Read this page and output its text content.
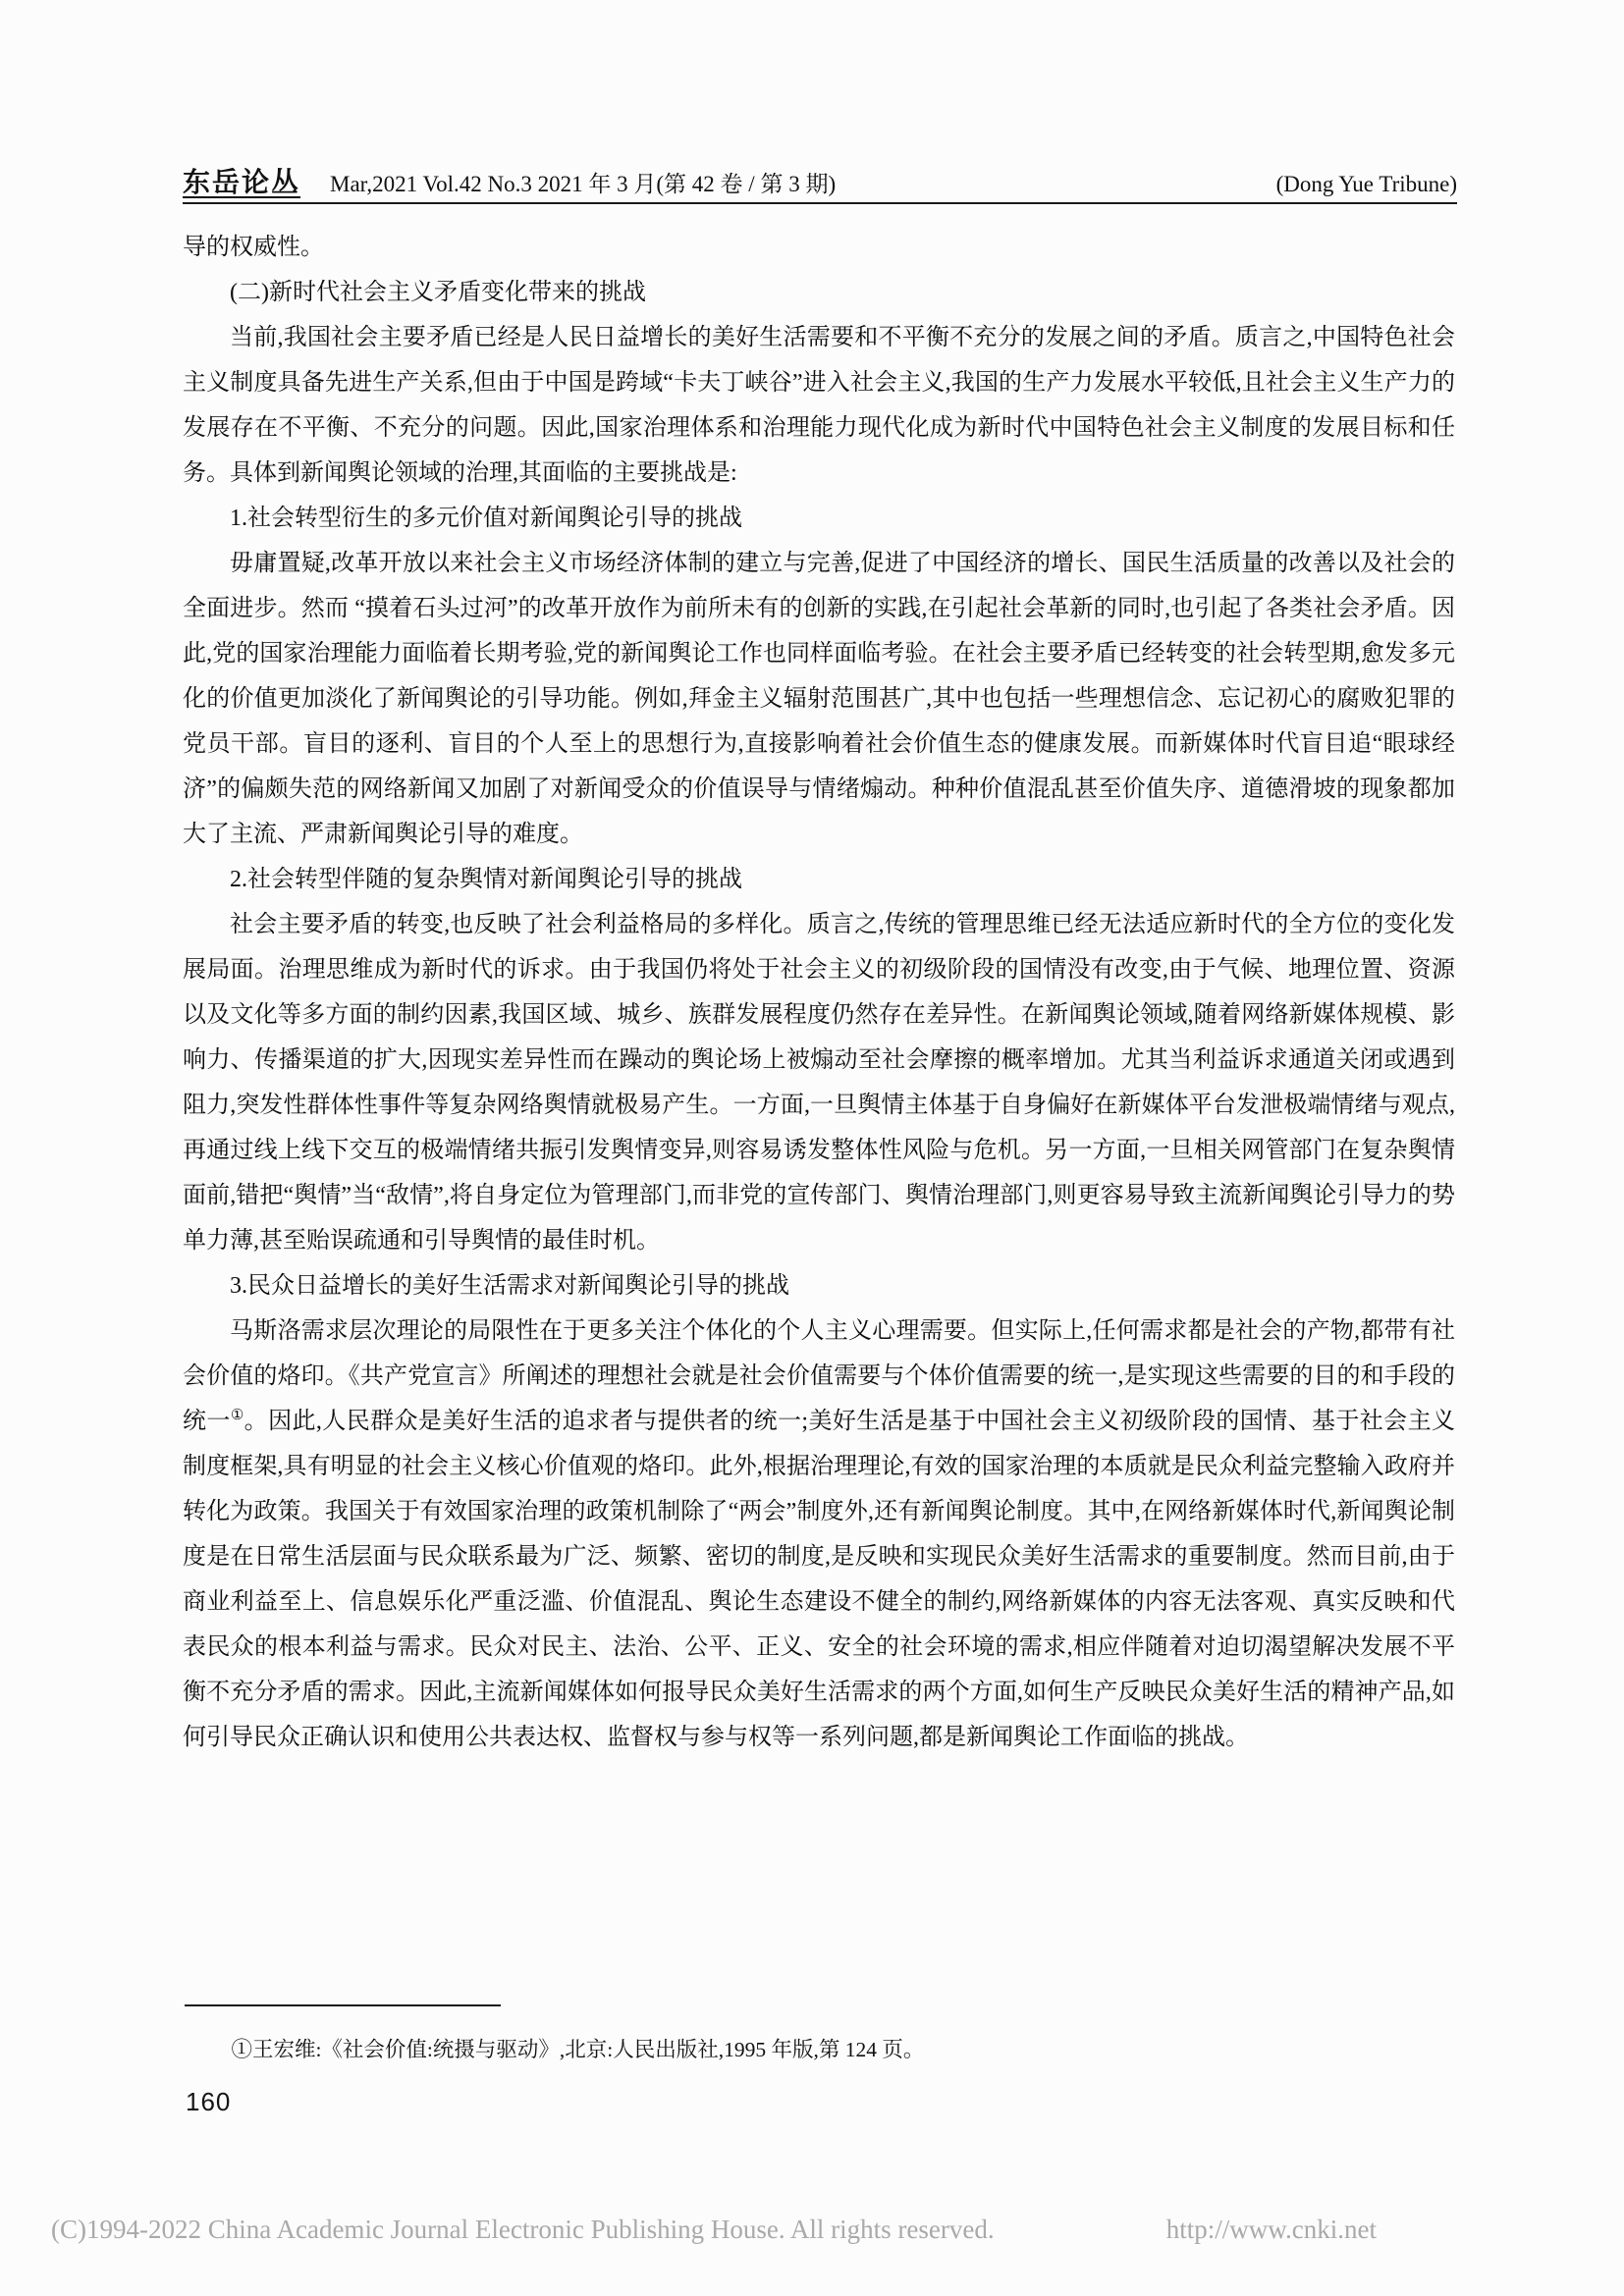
东岳论丛 Mar,2021 Vol.42 No.3 2021 年 3 月(第 42 卷 / 第 3 期)	(Dong Yue Tribune)

导的权威性。

(二)新时代社会主义矛盾变化带来的挑战

当前,我国社会主要矛盾已经是人民日益增长的美好生活需要和不平衡不充分的发展之间的矛盾。质言之,中国特色社会主义制度具备先进生产关系,但由于中国是跨域“卡夫丁峡谷”进入社会主义,我国的生产力发展水平较低,且社会主义生产力的发展存在不平衡、不充分的问题。因此,国家治理体系和治理能力现代化成为新时代中国特色社会主义制度的发展目标和任务。具体到新闻舆论领域的治理,其面临的主要挑战是:

1.社会转型衍生的多元价值对新闻舆论引导的挑战

毋庸置疑,改革开放以来社会主义市场经济体制的建立与完善,促进了中国经济的增长、国民生活质量的改善以及社会的全面进步。然而 “摸着石头过河”的改革开放作为前所未有的创新的实践,在引起社会革新的同时,也引起了各类社会矛盾。因此,党的国家治理能力面临着长期考验,党的新闻舆论工作也同样面临考验。在社会主要矛盾已经转变的社会转型期,愈发多元化的价值更加淡化了新闻舆论的引导功能。例如,拜金主义辐射范围甚广,其中也包括一些理想信念、忘记初心的腐败犯罪的党员干部。盲目的逐利、盲目的个人至上的思想行为,直接影响着社会价值生态的健康发展。而新媒体时代盲目追“眼球经济”的偏颇失范的网络新闻又加剧了对新闻受众的价值误导与情绪煽动。种种价值混乱甚至价值失序、道德滑坡的现象都加大了主流、严肃新闻舆论引导的难度。

2.社会转型伴随的复杂舆情对新闻舆论引导的挑战

社会主要矛盾的转变,也反映了社会利益格局的多样化。质言之,传统的管理思维已经无法适应新时代的全方位的变化发展局面。治理思维成为新时代的诉求。由于我国仍将处于社会主义的初级阶段的国情没有改变,由于气候、地理位置、资源以及文化等多方面的制约因素,我国区域、城乡、族群发展程度仍然存在差异性。在新闻舆论领域,随着网络新媒体规模、影响力、传播渠道的扩大,因现实差异性而在躁动的舆论场上被煽动至社会摩擦的概率增加。尤其当利益诉求通道关闭或遇到阻力,突发性群体性事件等复杂网络舆情就极易产生。一方面,一旦舆情主体基于自身偏好在新媒体平台发泄极端情绪与观点,再通过线上线下交互的极端情绪共振引发舆情变异,则容易诱发整体性风险与危机。另一方面,一旦相关网管部门在复杂舆情面前,错把“舆情”当“敌情”,将自身定位为管理部门,而非党的宣传部门、舆情治理部门,则更容易导致主流新闻舆论引导力的势单力薄,甚至贻误疏通和引导舆情的最佳时机。

3.民众日益增长的美好生活需求对新闻舆论引导的挑战

马斯洛需求层次理论的局限性在于更多关注个体化的个人主义心理需要。但实际上,任何需求都是社会的产物,都带有社会价值的烙印。《共产党宣言》所阐述的理想社会就是社会价值需要与个体价值需要的统一,是实现这些需要的目的和手段的统一①。因此,人民群众是美好生活的追求者与提供者的统一;美好生活是基于中国社会主义初级阶段的国情、基于社会主义制度框架,具有明显的社会主义核心价值观的烙印。此外,根据治理理论,有效的国家治理的本质就是民众利益完整输入政府并转化为政策。我国关于有效国家治理的政策机制除了“两会”制度外,还有新闻舆论制度。其中,在网络新媒体时代,新闻舆论制度是在日常生活层面与民众联系最为广泛、频繁、密切的制度,是反映和实现民众美好生活需求的重要制度。然而目前,由于商业利益至上、信息娱乐化严重泛滥、价值混乱、舆论生态建设不健全的制约,网络新媒体的内容无法客观、真实反映和代表民众的根本利益与需求。民众对民主、法治、公平、正义、安全的社会环境的需求,相应伴随着对迫切渴望解决发展不平衡不充分矛盾的需求。因此,主流新闻媒体如何报导民众美好生活需求的两个方面,如何生产反映民众美好生活的精神产品,如何引导民众正确认识和使用公共表达权、监督权与参与权等一系列问题,都是新闻舆论工作面临的挑战。

①王宏维:《社会价值:统摄与驱动》,北京:人民出版社,1995 年版,第 124 页。
160
(C)1994-2022 China Academic Journal Electronic Publishing House. All rights reserved.	http://www.cnki.net
